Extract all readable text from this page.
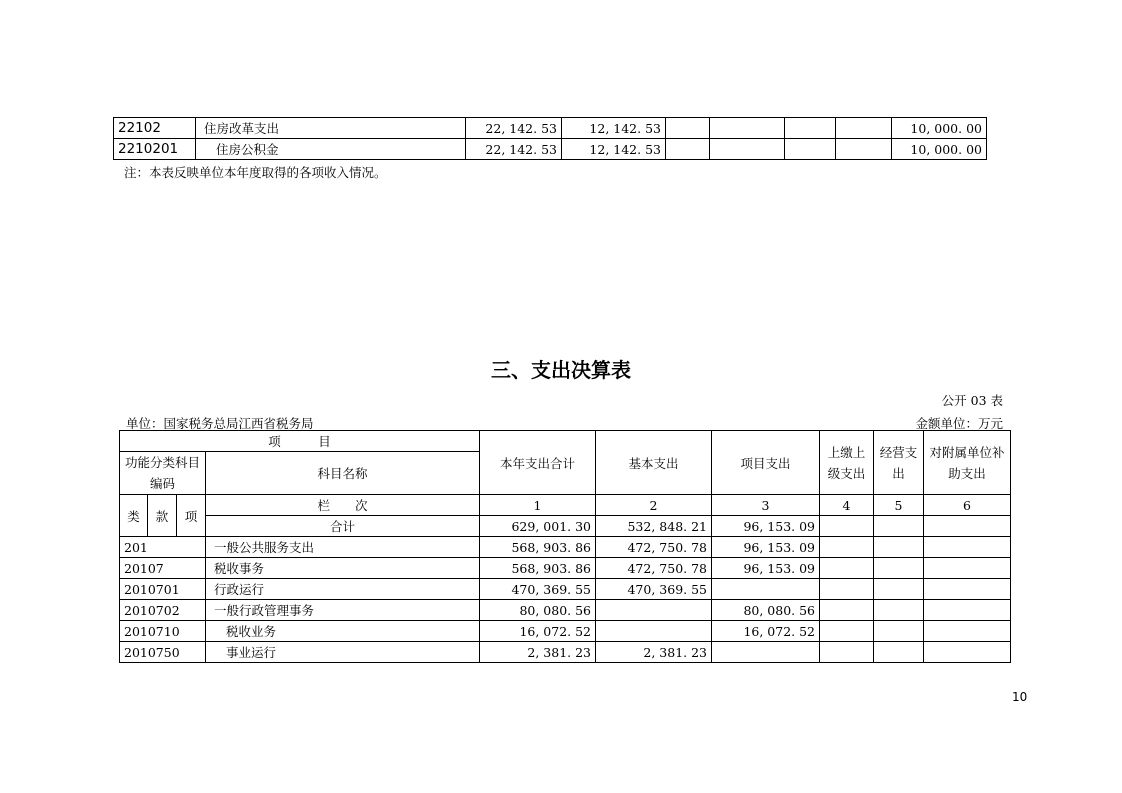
22102	住房改革支出	22, 142. 53	12, 142. 53					10, 000. 00
2210201	住房公积金	22, 142. 53	12, 142. 53					10, 000. 00
注：本表反映单位本年度取得的各项收入情况。
三、支出决算表
公开 03 表
单位：国家税务总局江西省税务局	金额单位：万元
项　　　目				本年支出合计	基本支出	项目支出	上缴上级支出	经营支出	对附属单位补助支出
功能分类科目编码			科目名称						

类	款	项	栏　　次	1	2	3	4	5	6
			合计	629, 001. 30	532, 848. 21	96, 153. 09			
201			一般公共服务支出	568, 903. 86	472, 750. 78	96, 153. 09			
20107			税收事务	568, 903. 86	472, 750. 78	96, 153. 09			
2010701			行政运行	470, 369. 55	470, 369. 55				
2010702			一般行政管理事务	80, 080. 56		80, 080. 56			
2010710			税收业务	16, 072. 52		16, 072. 52			
2010750			事业运行	2, 381. 23	2, 381. 23				
10
